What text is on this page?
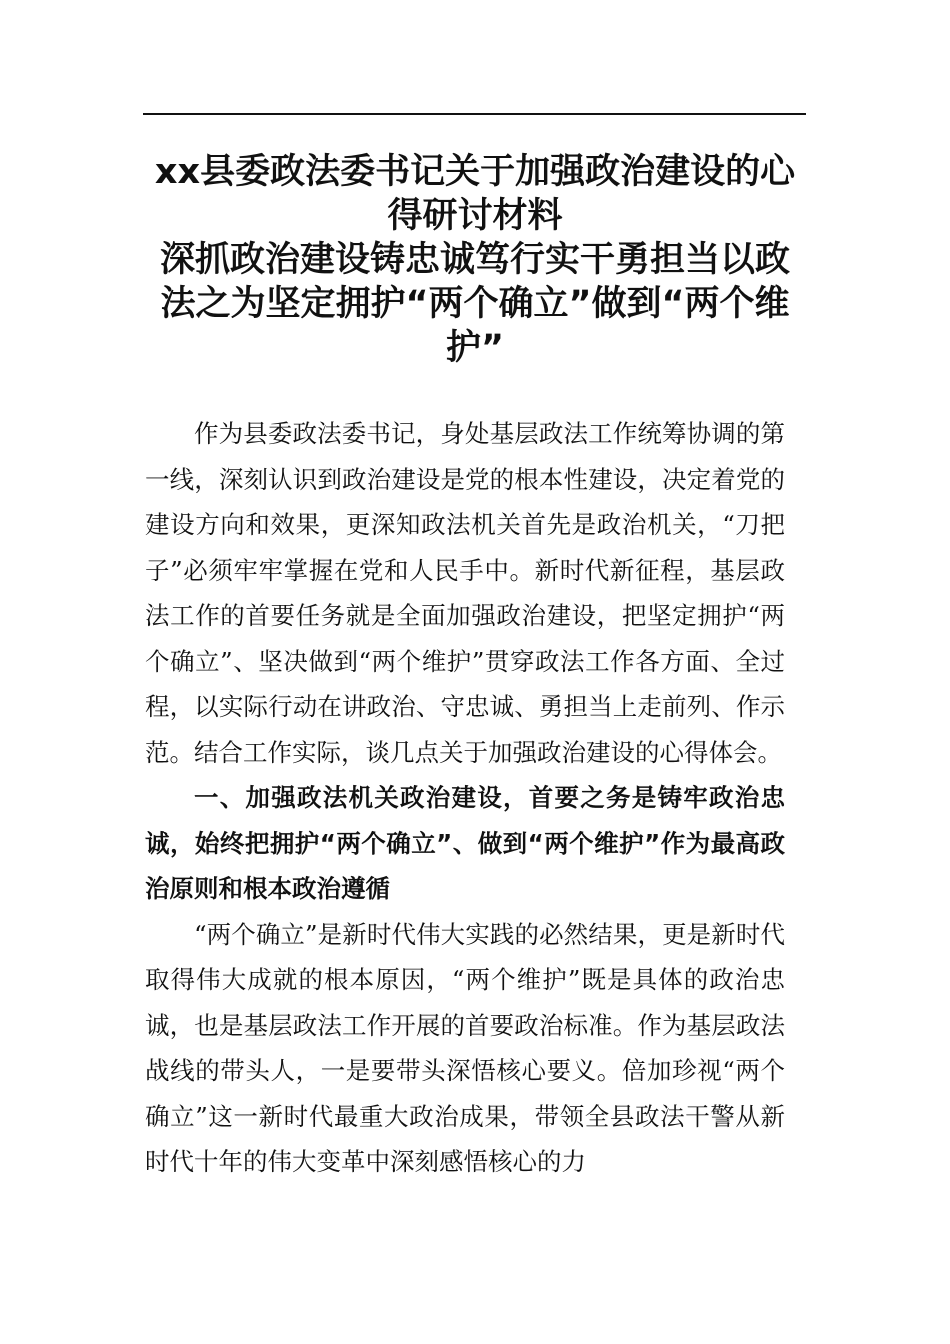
xx县委政法委书记关于加强政治建设的心得研讨材料
深抓政治建设铸忠诚笃行实干勇担当以政法之为坚定拥护“两个确立”做到“两个维护”

作为县委政法委书记，身处基层政法工作统筹协调的第一线，深刻认识到政治建设是党的根本性建设，决定着党的建设方向和效果，更深知政法机关首先是政治机关，“刀把子”必须牢牢掌握在党和人民手中。新时代新征程，基层政法工作的首要任务就是全面加强政治建设，把坚定拥护“两个确立”、坚决做到“两个维护”贯穿政法工作各方面、全过程，以实际行动在讲政治、守忠诚、勇担当上走前列、作示范。结合工作实际，谈几点关于加强政治建设的心得体会。

一、加强政法机关政治建设，首要之务是铸牢政治忠诚，始终把拥护“两个确立”、做到“两个维护”作为最高政治原则和根本政治遵循

“两个确立”是新时代伟大实践的必然结果，更是新时代取得伟大成就的根本原因，“两个维护”既是具体的政治忠诚，也是基层政法工作开展的首要政治标准。作为基层政法战线的带头人，一是要带头深悟核心要义。倍加珍视“两个确立”这一新时代最重大政治成果，带领全县政法干警从新时代十年的伟大变革中深刻感悟核心的力
